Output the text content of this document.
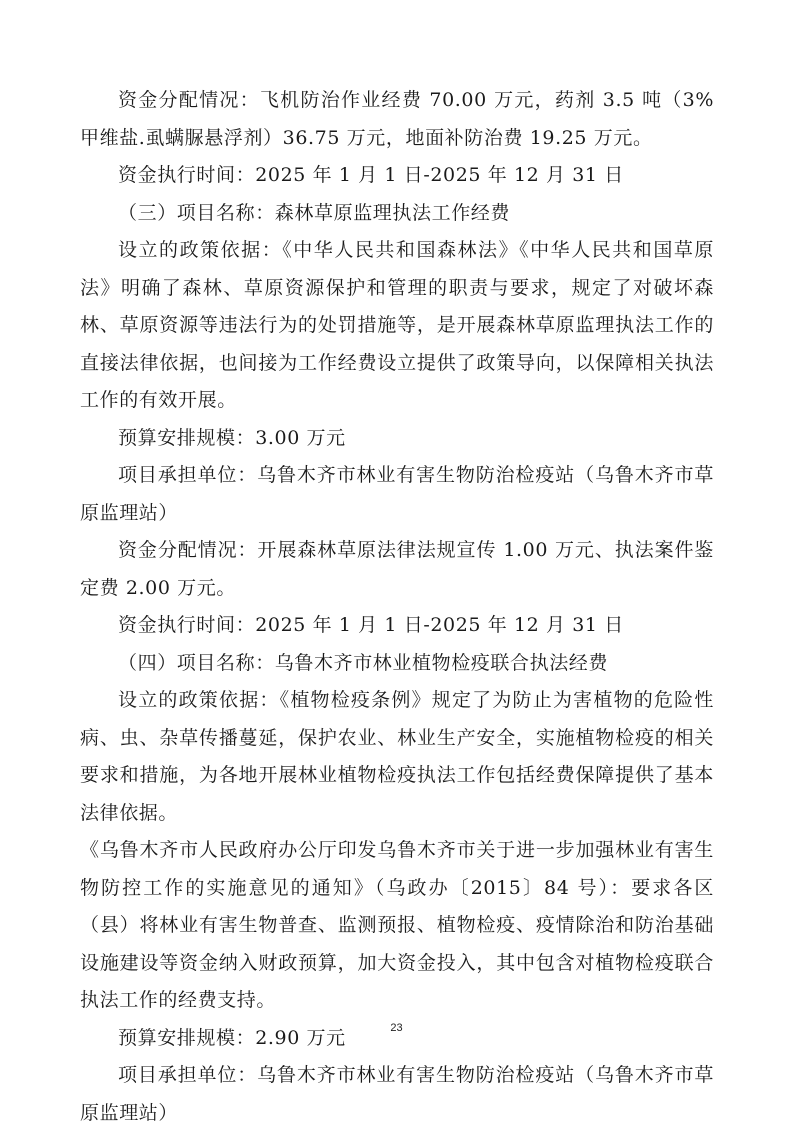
资金分配情况：飞机防治作业经费 70.00 万元，药剂 3.5 吨（3%甲维盐.虱螨脲悬浮剂）36.75 万元，地面补防治费 19.25 万元。

资金执行时间：2025 年 1 月 1 日-2025 年 12 月 31 日

（三）项目名称：森林草原监理执法工作经费

设立的政策依据：《中华人民共和国森林法》《中华人民共和国草原法》明确了森林、草原资源保护和管理的职责与要求，规定了对破坏森林、草原资源等违法行为的处罚措施等，是开展森林草原监理执法工作的直接法律依据，也间接为工作经费设立提供了政策导向，以保障相关执法工作的有效开展。

预算安排规模：3.00 万元

项目承担单位：乌鲁木齐市林业有害生物防治检疫站（乌鲁木齐市草原监理站）

资金分配情况：开展森林草原法律法规宣传 1.00 万元、执法案件鉴定费 2.00 万元。

资金执行时间：2025 年 1 月 1 日-2025 年 12 月 31 日

（四）项目名称：乌鲁木齐市林业植物检疫联合执法经费

设立的政策依据：《植物检疫条例》规定了为防止为害植物的危险性病、虫、杂草传播蔓延，保护农业、林业生产安全，实施植物检疫的相关要求和措施，为各地开展林业植物检疫执法工作包括经费保障提供了基本法律依据。

《乌鲁木齐市人民政府办公厅印发乌鲁木齐市关于进一步加强林业有害生物防控工作的实施意见的通知》（乌政办〔2015〕84 号）：要求各区（县）将林业有害生物普查、监测预报、植物检疫、疫情除治和防治基础设施建设等资金纳入财政预算，加大资金投入，其中包含对植物检疫联合执法工作的经费支持。

预算安排规模：2.90 万元

项目承担单位：乌鲁木齐市林业有害生物防治检疫站（乌鲁木齐市草原监理站）

23
